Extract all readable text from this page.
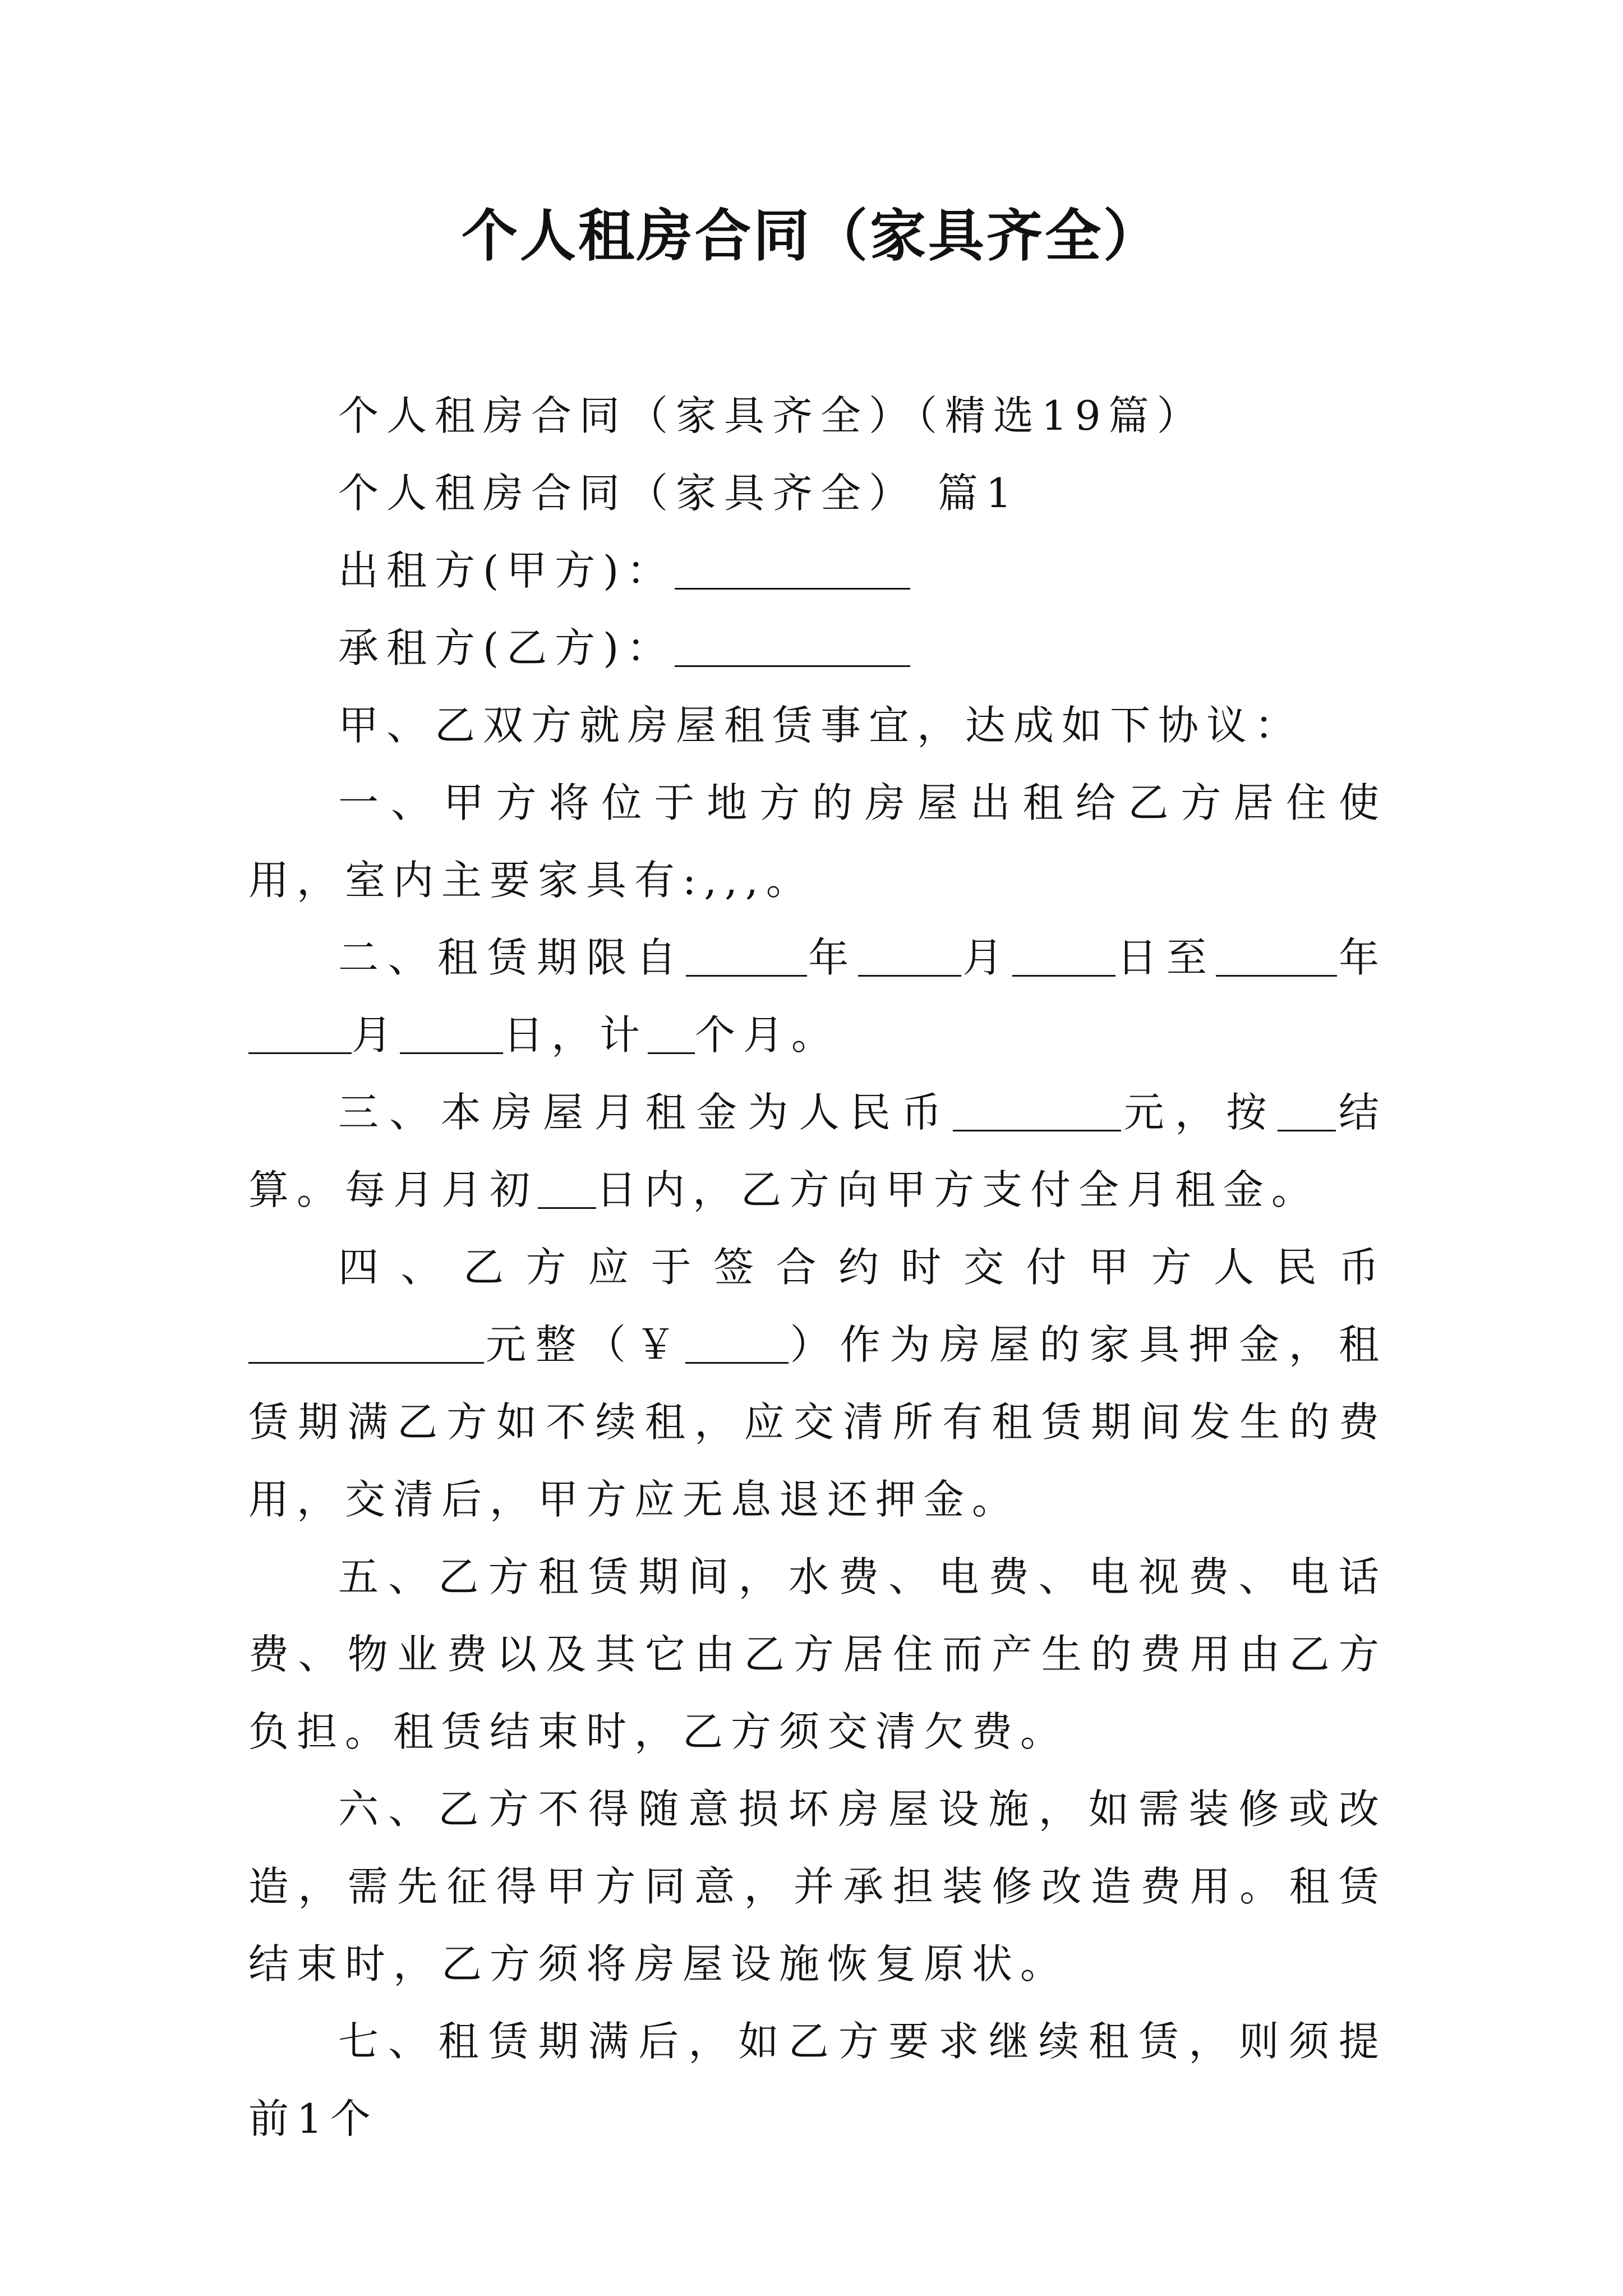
个人租房合同（家具齐全）

个人租房合同（家具齐全）（精选19篇）

个人租房合同（家具齐全） 篇1

出租方(甲方)：

承租方(乙方)：

甲、乙双方就房屋租赁事宜，达成如下协议：

一、甲方将位于地方的房屋出租给乙方居住使用，室内主要家具有:,,,。

二、租赁期限自	年	月	日至	年月	日，计 个月。

三、本房屋月租金为人民币	元，按 结算。每月月初 日内，乙方向甲方支付全月租金。

四、乙方应于签合约时交付甲方人民币元整（￥	）作为房屋的家具押金，租赁期满乙方如不续租，应交清所有租赁期间发生的费用，交清后，甲方应无息退还押金。

五、乙方租赁期间，水费、电费、电视费、电话费、物业费以及其它由乙方居住而产生的费用由乙方负担。租赁结束时，乙方须交清欠费。

六、乙方不得随意损坏房屋设施，如需装修或改造，需先征得甲方同意，并承担装修改造费用。租赁结束时，乙方须将房屋设施恢复原状。

七、租赁期满后，如乙方要求继续租赁，则须提前1个
